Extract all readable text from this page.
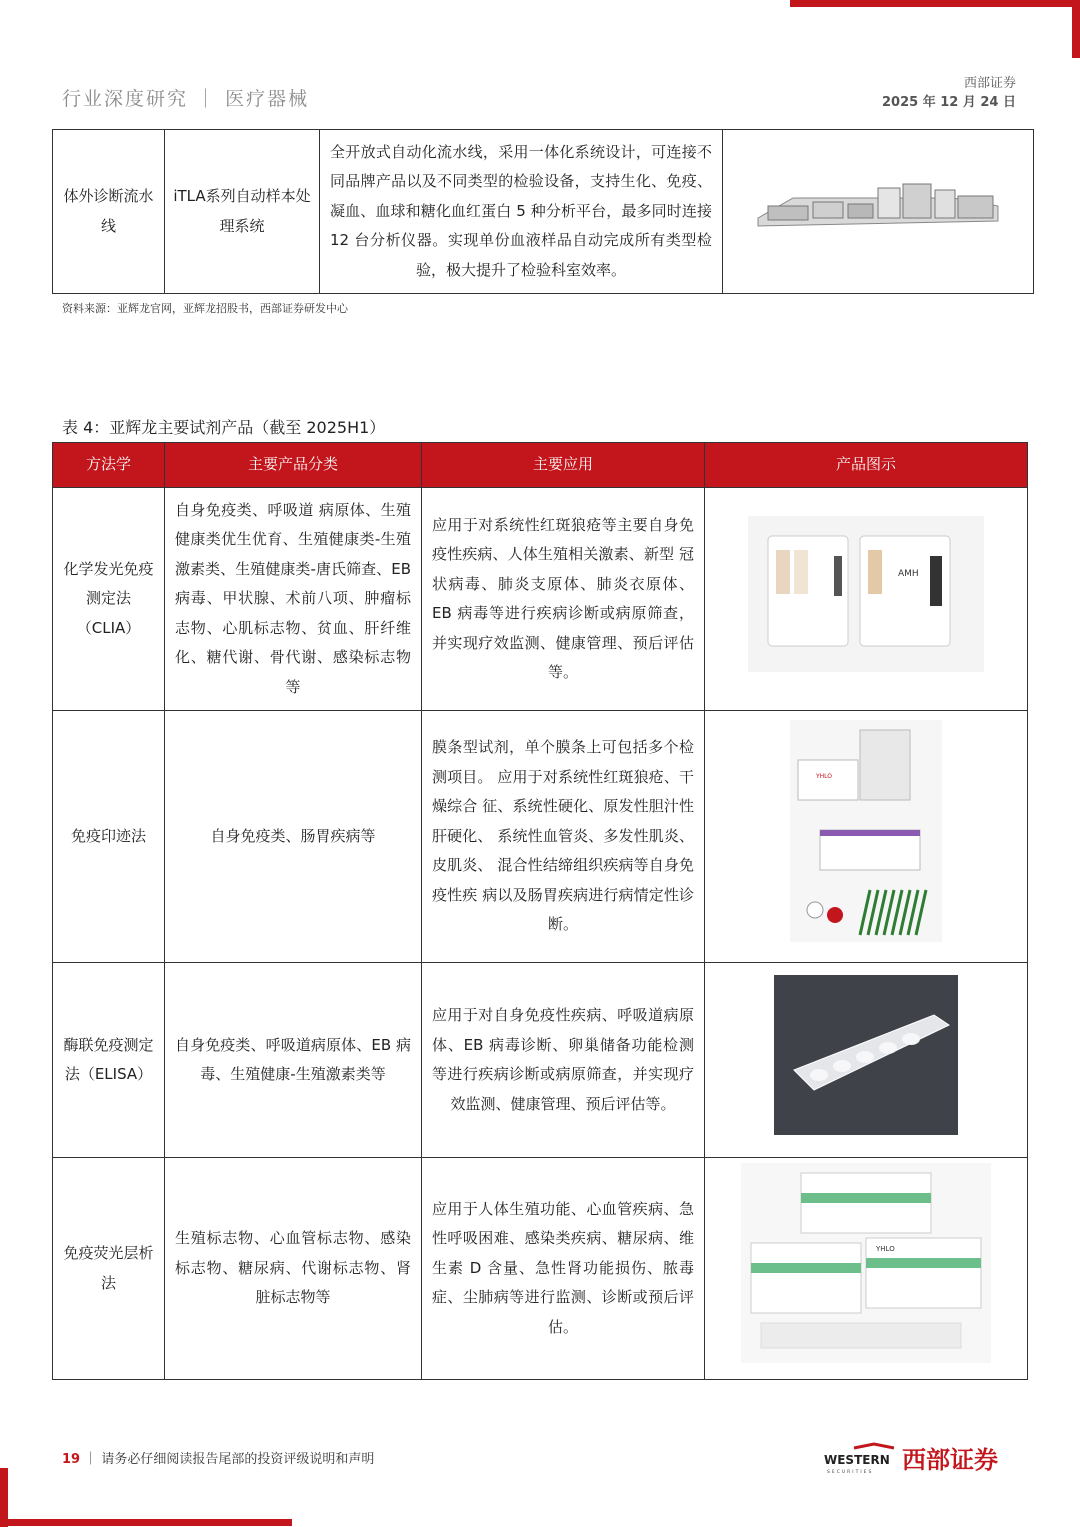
行业深度研究 ｜ 医疗器械
西部证券
2025 年 12 月 24 日
体外诊断流水线	iTLA系列自动样本处理系统	全开放式自动化流水线，采用一体化系统设计，可连接不同品牌产品以及不同类型的检验设备，支持生化、免疫、凝血、血球和糖化血红蛋白 5 种分析平台，最多同时连接 12 台分析仪器。实现单份血液样品自动完成所有类型检验，极大提升了检验科室效率。	
资料来源：亚辉龙官网，亚辉龙招股书，西部证券研发中心
表 4：亚辉龙主要试剂产品（截至 2025H1）
方法学	主要产品分类	主要应用	产品图示
化学发光免疫测定法（CLIA）	自身免疫类、呼吸道 病原体、生殖健康类优生优育、生殖健康类-生殖激素类、生殖健康类-唐氏筛查、EB 病毒、甲状腺、术前八项、肿瘤标志物、心肌标志物、贫血、肝纤维化、糖代谢、骨代谢、感染标志物等	应用于对系统性红斑狼疮等主要自身免疫性疾病、人体生殖相关激素、新型 冠状病毒、肺炎支原体、肺炎衣原体、 EB 病毒等进行疾病诊断或病原筛查， 并实现疗效监测、健康管理、预后评估等。	AMH

免疫印迹法	自身免疫类、肠胃疾病等	膜条型试剂，单个膜条上可包括多个检 测项目。 应用于对系统性红斑狼疮、干燥综合 征、系统性硬化、原发性胆汁性肝硬化、 系统性血管炎、多发性肌炎、皮肌炎、 混合性结缔组织疾病等自身免疫性疾 病以及肠胃疾病进行病情定性诊断。	YHLO

酶联免疫测定法（ELISA）	自身免疫类、呼吸道病原体、EB 病毒、生殖健康-生殖激素类等	应用于对自身免疫性疾病、呼吸道病原体、EB 病毒诊断、卵巢储备功能检测 等进行疾病诊断或病原筛查，并实现疗效监测、健康管理、预后评估等。	
免疫荧光层析法	生殖标志物、心血管标志物、感染标志物、糖尿病、代谢标志物、肾脏标志物等	应用于人体生殖功能、心血管疾病、急性呼吸困难、感染类疾病、糖尿病、维生素 D 含量、急性肾功能损伤、脓毒症、尘肺病等进行监测、诊断或预后评估。	YHLO
19 ｜ 请务必仔细阅读报告尾部的投资评级说明和声明	WESTERN
SECURITIES 西部证券
